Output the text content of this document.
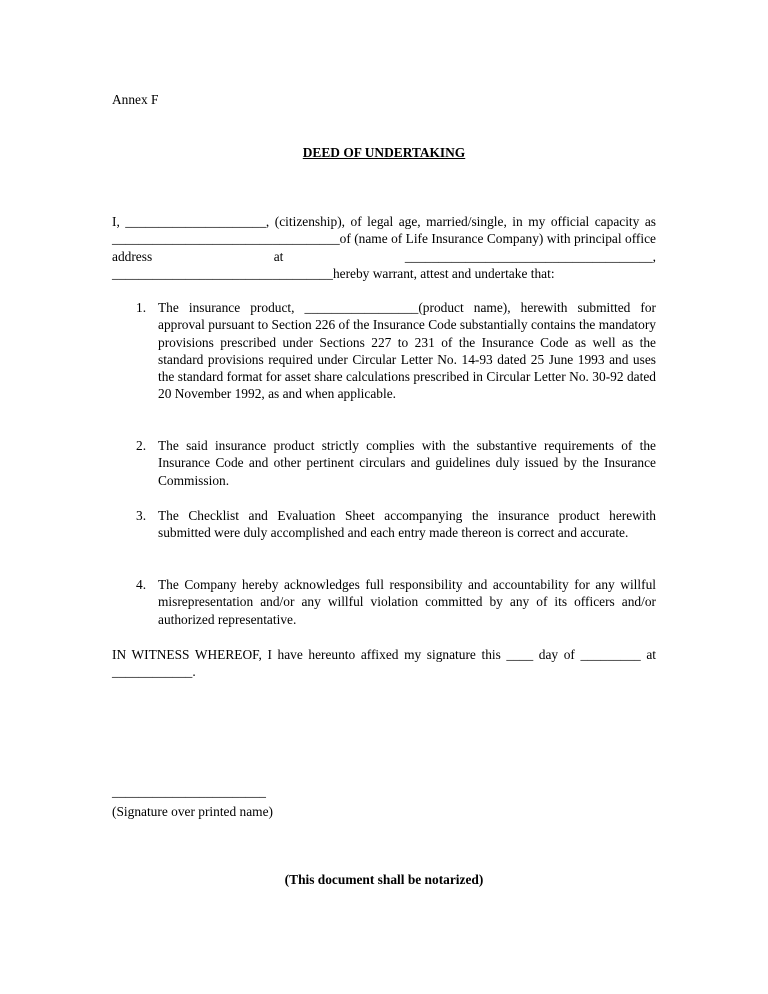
Annex F
DEED OF UNDERTAKING
I, _____________________, (citizenship), of legal age, married/single, in my official capacity as __________________________________of (name of Life Insurance Company) with principal office address at _____________________________________, _________________________________hereby warrant, attest and undertake that:
1. The insurance product, _________________(product name), herewith submitted for approval pursuant to Section 226 of the Insurance Code substantially contains the mandatory provisions prescribed under Sections 227 to 231 of the Insurance Code as well as the standard provisions required under Circular Letter No. 14-93 dated 25 June 1993 and uses the standard format for asset share calculations prescribed in Circular Letter No. 30-92 dated 20 November 1992, as and when applicable.
2. The said insurance product strictly complies with the substantive requirements of the Insurance Code and other pertinent circulars and guidelines duly issued by the Insurance Commission.
3. The Checklist and Evaluation Sheet accompanying the insurance product herewith submitted were duly accomplished and each entry made thereon is correct and accurate.
4. The Company hereby acknowledges full responsibility and accountability for any willful misrepresentation and/or any willful violation committed by any of its officers and/or authorized representative.
IN WITNESS WHEREOF, I have hereunto affixed my signature this ____ day of _________ at ____________.
_______________________
(Signature over printed name)
(This document shall be notarized)
